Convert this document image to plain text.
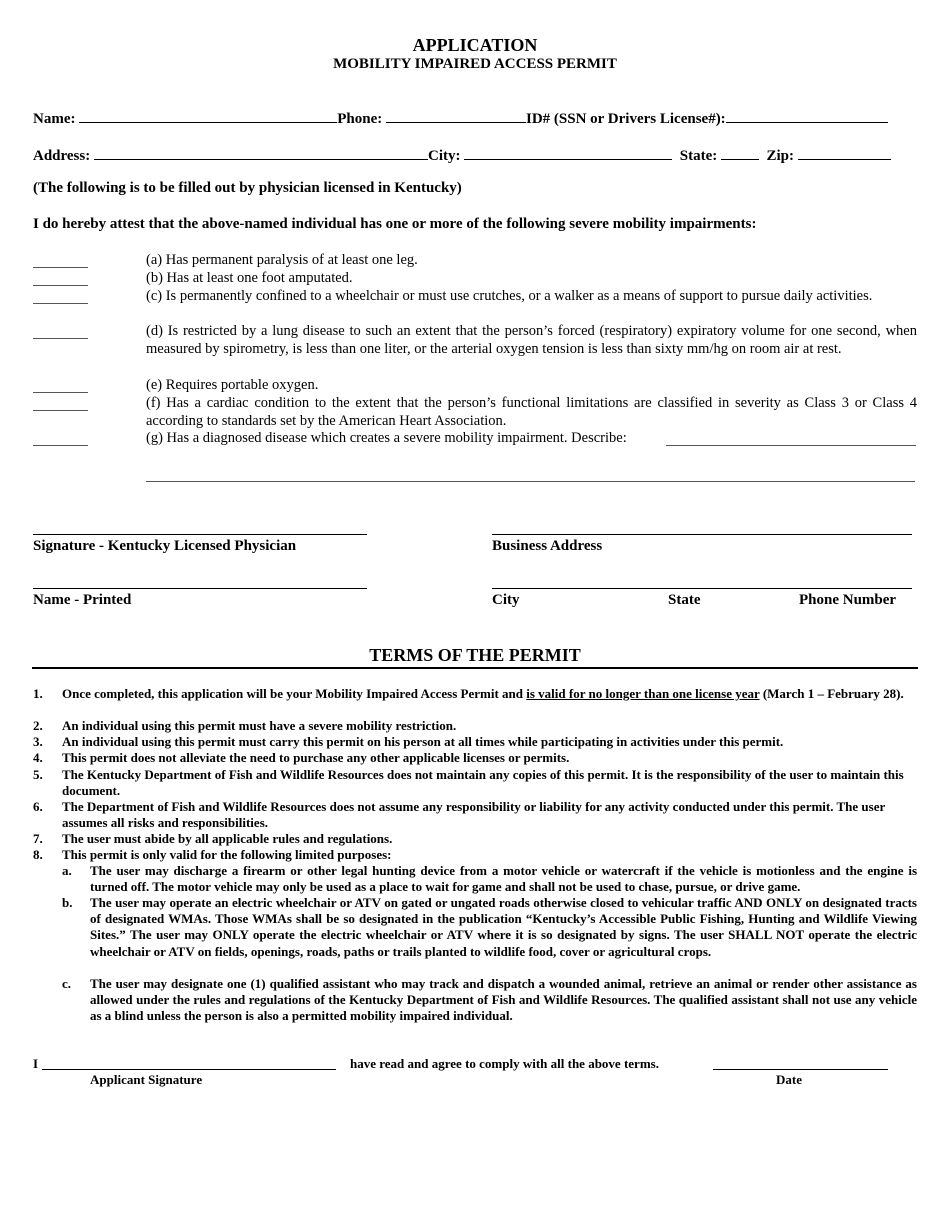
APPLICATION
MOBILITY IMPAIRED ACCESS PERMIT
Name:	Phone:	ID# (SSN or Drivers License#):
Address:	City:	State:	Zip:
(The following is to be filled out by physician licensed in Kentucky)
I do hereby attest that the above-named individual has one or more of the following severe mobility impairments:
(a) Has permanent paralysis of at least one leg.
(b) Has at least one foot amputated.
(c) Is permanently confined to a wheelchair or must use crutches, or a walker as a means of support to pursue daily activities.
(d) Is restricted by a lung disease to such an extent that the person’s forced (respiratory) expiratory volume for one second, when measured by spirometry, is less than one liter, or the arterial oxygen tension is less than sixty mm/hg on room air at rest.
(e) Requires portable oxygen.
(f) Has a cardiac condition to the extent that the person’s functional limitations are classified in severity as Class 3 or Class 4 according to standards set by the American Heart Association.
(g) Has a diagnosed disease which creates a severe mobility impairment. Describe:
Signature - Kentucky Licensed Physician	Business Address
Name - Printed	City	State	Phone Number
TERMS OF THE PERMIT
1. Once completed, this application will be your Mobility Impaired Access Permit and is valid for no longer than one license year (March 1 – February 28).
2. An individual using this permit must have a severe mobility restriction.
3. An individual using this permit must carry this permit on his person at all times while participating in activities under this permit.
4. This permit does not alleviate the need to purchase any other applicable licenses or permits.
5. The Kentucky Department of Fish and Wildlife Resources does not maintain any copies of this permit. It is the responsibility of the user to maintain this document.
6. The Department of Fish and Wildlife Resources does not assume any responsibility or liability for any activity conducted under this permit. The user assumes all risks and responsibilities.
7. The user must abide by all applicable rules and regulations.
8. This permit is only valid for the following limited purposes:
a. The user may discharge a firearm or other legal hunting device from a motor vehicle or watercraft if the vehicle is motionless and the engine is turned off. The motor vehicle may only be used as a place to wait for game and shall not be used to chase, pursue, or drive game.
b. The user may operate an electric wheelchair or ATV on gated or ungated roads otherwise closed to vehicular traffic AND ONLY on designated tracts of designated WMAs. Those WMAs shall be so designated in the publication “Kentucky’s Accessible Public Fishing, Hunting and Wildlife Viewing Sites.” The user may ONLY operate the electric wheelchair or ATV where it is so designated by signs. The user SHALL NOT operate the electric wheelchair or ATV on fields, openings, roads, paths or trails planted to wildlife food, cover or agricultural crops.
c. The user may designate one (1) qualified assistant who may track and dispatch a wounded animal, retrieve an animal or render other assistance as allowed under the rules and regulations of the Kentucky Department of Fish and Wildlife Resources. The qualified assistant shall not use any vehicle as a blind unless the person is also a permitted mobility impaired individual.
I	have read and agree to comply with all the above terms.
Applicant Signature	Date
